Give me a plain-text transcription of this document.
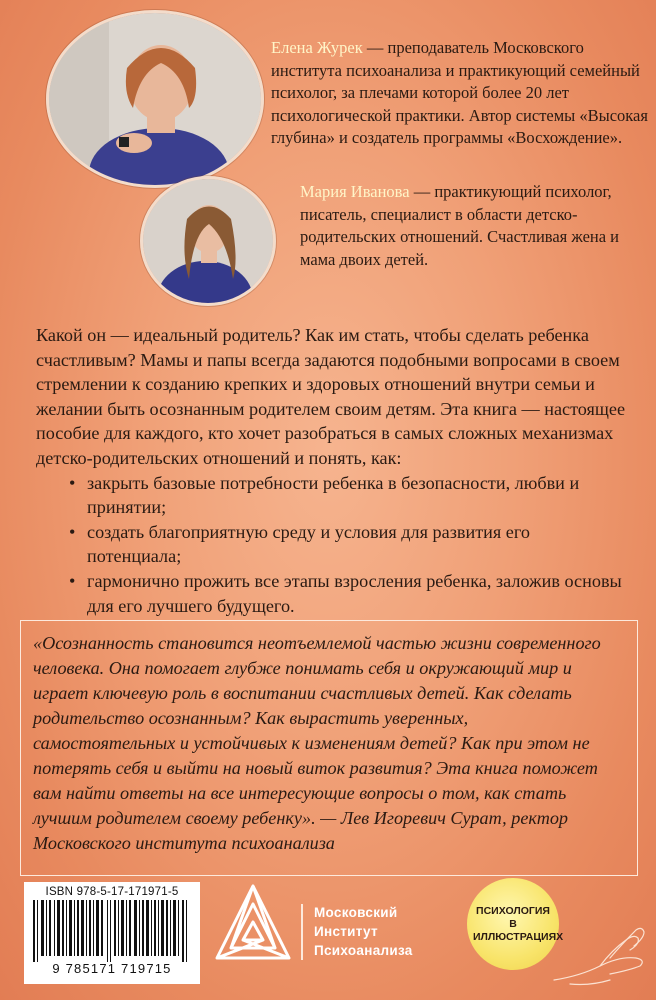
Елена Журек — преподаватель Московского института психоанализа и практикующий семейный психолог, за плечами которой более 20 лет психологической практики. Автор системы «Высокая глубина» и создатель программы «Восхождение».

Мария Иванова — практикующий психолог, писатель, специалист в области детско-родительских отношений. Счастливая жена и мама двоих детей.

Какой он — идеальный родитель? Как им стать, чтобы сделать ребенка счастливым? Мамы и папы всегда задаются подобными вопросами в своем стремлении к созданию крепких и здоровых отношений внутри семьи и желании быть осознанным родителем своим детям. Эта книга — настоящее пособие для каждого, кто хочет разобраться в самых сложных механизмах детско-родительских отношений и понять, как:

• закрыть базовые потребности ребенка в безопасности, любви и принятии;
• создать благоприятную среду и условия для развития его потенциала;
• гармонично прожить все этапы взросления ребенка, заложив основы для его лучшего будущего.

«Осознанность становится неотъемлемой частью жизни современного человека. Она помогает глубже понимать себя и окружающий мир и играет ключевую роль в воспитании счастливых детей. Как сделать родительство осознанным? Как вырастить уверенных, самостоятельных и устойчивых к изменениям детей? Как при этом не потерять себя и выйти на новый виток развития? Эта книга поможет вам найти ответы на все интересующие вопросы о том, как стать лучшим родителем своему ребенку». — Лев Игоревич Сурат, ректор Московского института психоанализа

ISBN 978-5-17-171971-5
9 785171 719715
Московский
Институт
Психоанализа
ПСИХОЛОГИЯ
В ИЛЛЮСТРАЦИЯХ
